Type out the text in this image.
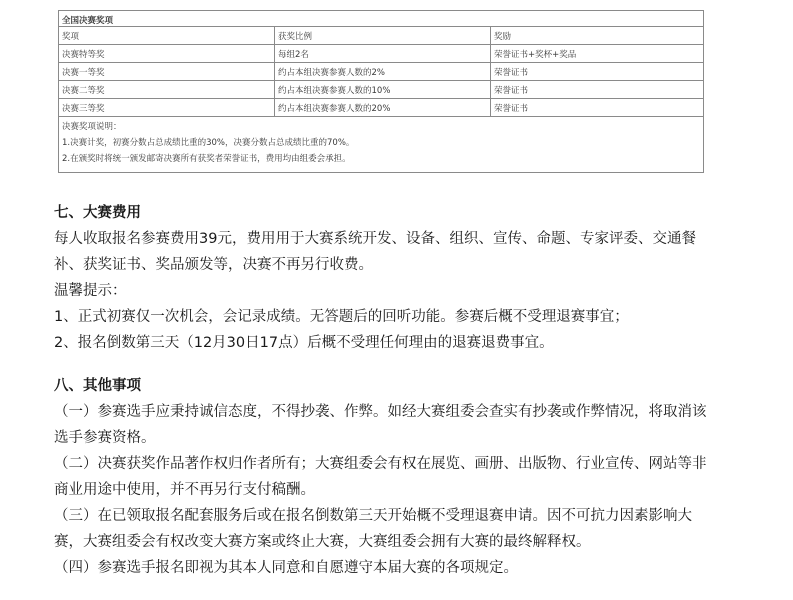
全国决赛奖项
奖项	获奖比例	奖励
决赛特等奖	每组2名	荣誉证书+奖杯+奖品
决赛一等奖	约占本组决赛参赛人数的2%	荣誉证书
决赛二等奖	约占本组决赛参赛人数的10%	荣誉证书
决赛三等奖	约占本组决赛参赛人数的20%	荣誉证书
决赛奖项说明：
1.决赛计奖，初赛分数占总成绩比重的30%，决赛分数占总成绩比重的70%。
2.在颁奖时将统一颁发邮寄决赛所有获奖者荣誉证书，费用均由组委会承担。
七、大赛费用

每人收取报名参赛费用39元，费用用于大赛系统开发、设备、组织、宣传、命题、专家评委、交通餐

补、获奖证书、奖品颁发等，决赛不再另行收费。

温馨提示：

1、正式初赛仅一次机会，会记录成绩。无答题后的回听功能。参赛后概不受理退赛事宜；

2、报名倒数第三天（12月30日17点）后概不受理任何理由的退赛退费事宜。

八、其他事项

（一）参赛选手应秉持诚信态度，不得抄袭、作弊。如经大赛组委会查实有抄袭或作弊情况，将取消该

选手参赛资格。

（二）决赛获奖作品著作权归作者所有；大赛组委会有权在展览、画册、出版物、行业宣传、网站等非

商业用途中使用，并不再另行支付稿酬。

（三）在已领取报名配套服务后或在报名倒数第三天开始概不受理退赛申请。因不可抗力因素影响大

赛，大赛组委会有权改变大赛方案或终止大赛，大赛组委会拥有大赛的最终解释权。

（四）参赛选手报名即视为其本人同意和自愿遵守本届大赛的各项规定。
